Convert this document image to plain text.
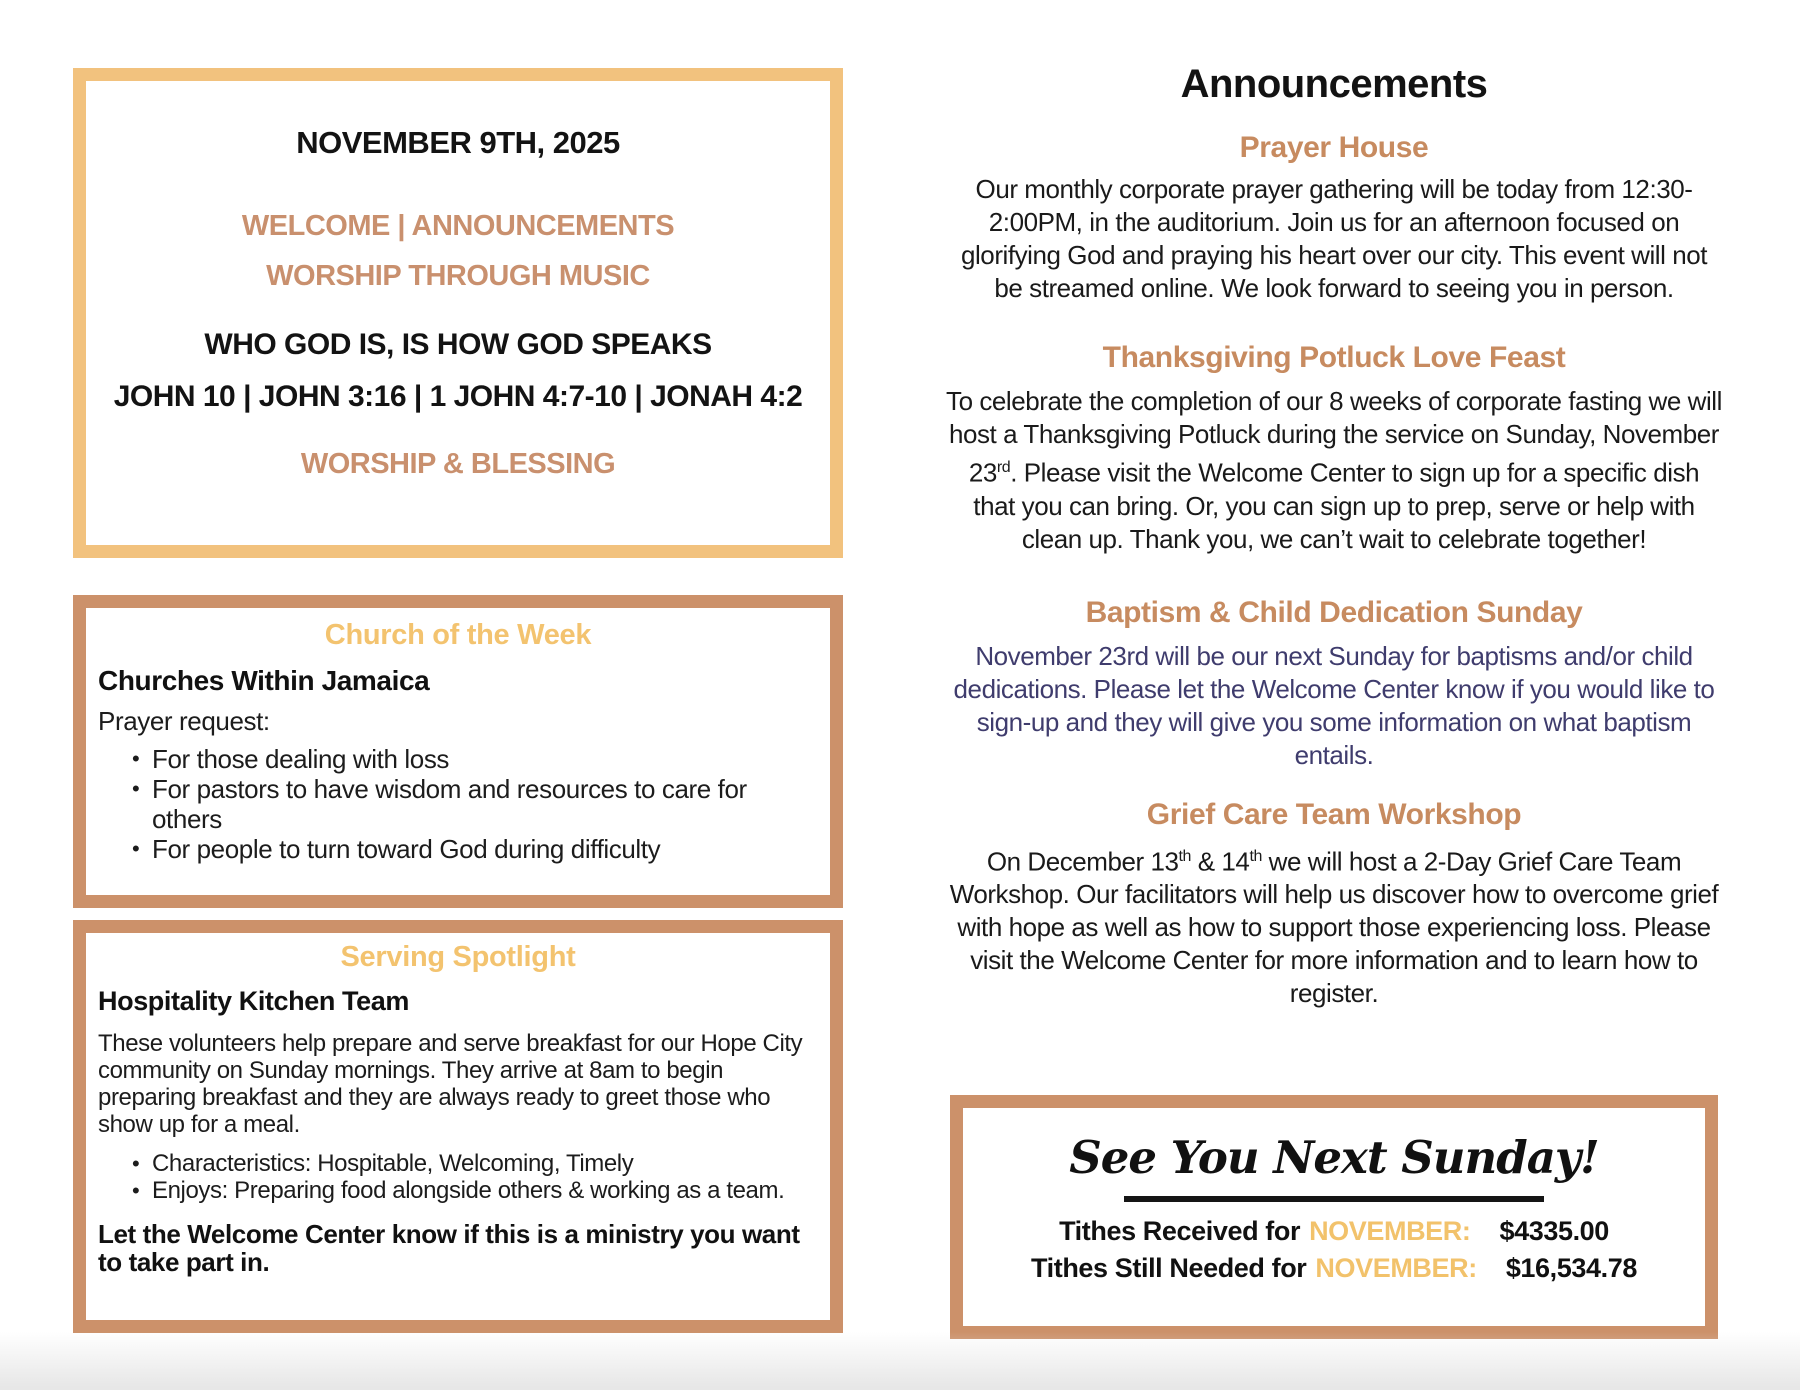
NOVEMBER 9TH, 2025
WELCOME | ANNOUNCEMENTS
WORSHIP THROUGH MUSIC
WHO GOD IS, IS HOW GOD SPEAKS
JOHN 10 | JOHN 3:16 | 1 JOHN 4:7-10 | JONAH 4:2
WORSHIP & BLESSING
Church of the Week
Churches Within Jamaica
Prayer request:
• For those dealing with loss
• For pastors to have wisdom and resources to care for others
• For people to turn toward God during difficulty
Serving Spotlight
Hospitality Kitchen Team
These volunteers help prepare and serve breakfast for our Hope City community on Sunday mornings. They arrive at 8am to begin preparing breakfast and they are always ready to greet those who show up for a meal.
• Characteristics: Hospitable, Welcoming, Timely
• Enjoys: Preparing food alongside others & working as a team.
Let the Welcome Center know if this is a ministry you want to take part in.
Announcements
Prayer House
Our monthly corporate prayer gathering will be today from 12:30-2:00PM, in the auditorium. Join us for an afternoon focused on glorifying God and praying his heart over our city. This event will not be streamed online. We look forward to seeing you in person.
Thanksgiving Potluck Love Feast
To celebrate the completion of our 8 weeks of corporate fasting we will host a Thanksgiving Potluck during the service on Sunday, November 23rd. Please visit the Welcome Center to sign up for a specific dish that you can bring. Or, you can sign up to prep, serve or help with clean up. Thank you, we can’t wait to celebrate together!
Baptism & Child Dedication Sunday
November 23rd will be our next Sunday for baptisms and/or child dedications. Please let the Welcome Center know if you would like to sign-up and they will give you some information on what baptism entails.
Grief Care Team Workshop
On December 13th & 14th we will host a 2-Day Grief Care Team Workshop. Our facilitators will help us discover how to overcome grief with hope as well as how to support those experiencing loss. Please visit the Welcome Center for more information and to learn how to register.
See You Next Sunday!
Tithes Received for NOVEMBER: $4335.00
Tithes Still Needed for NOVEMBER: $16,534.78
